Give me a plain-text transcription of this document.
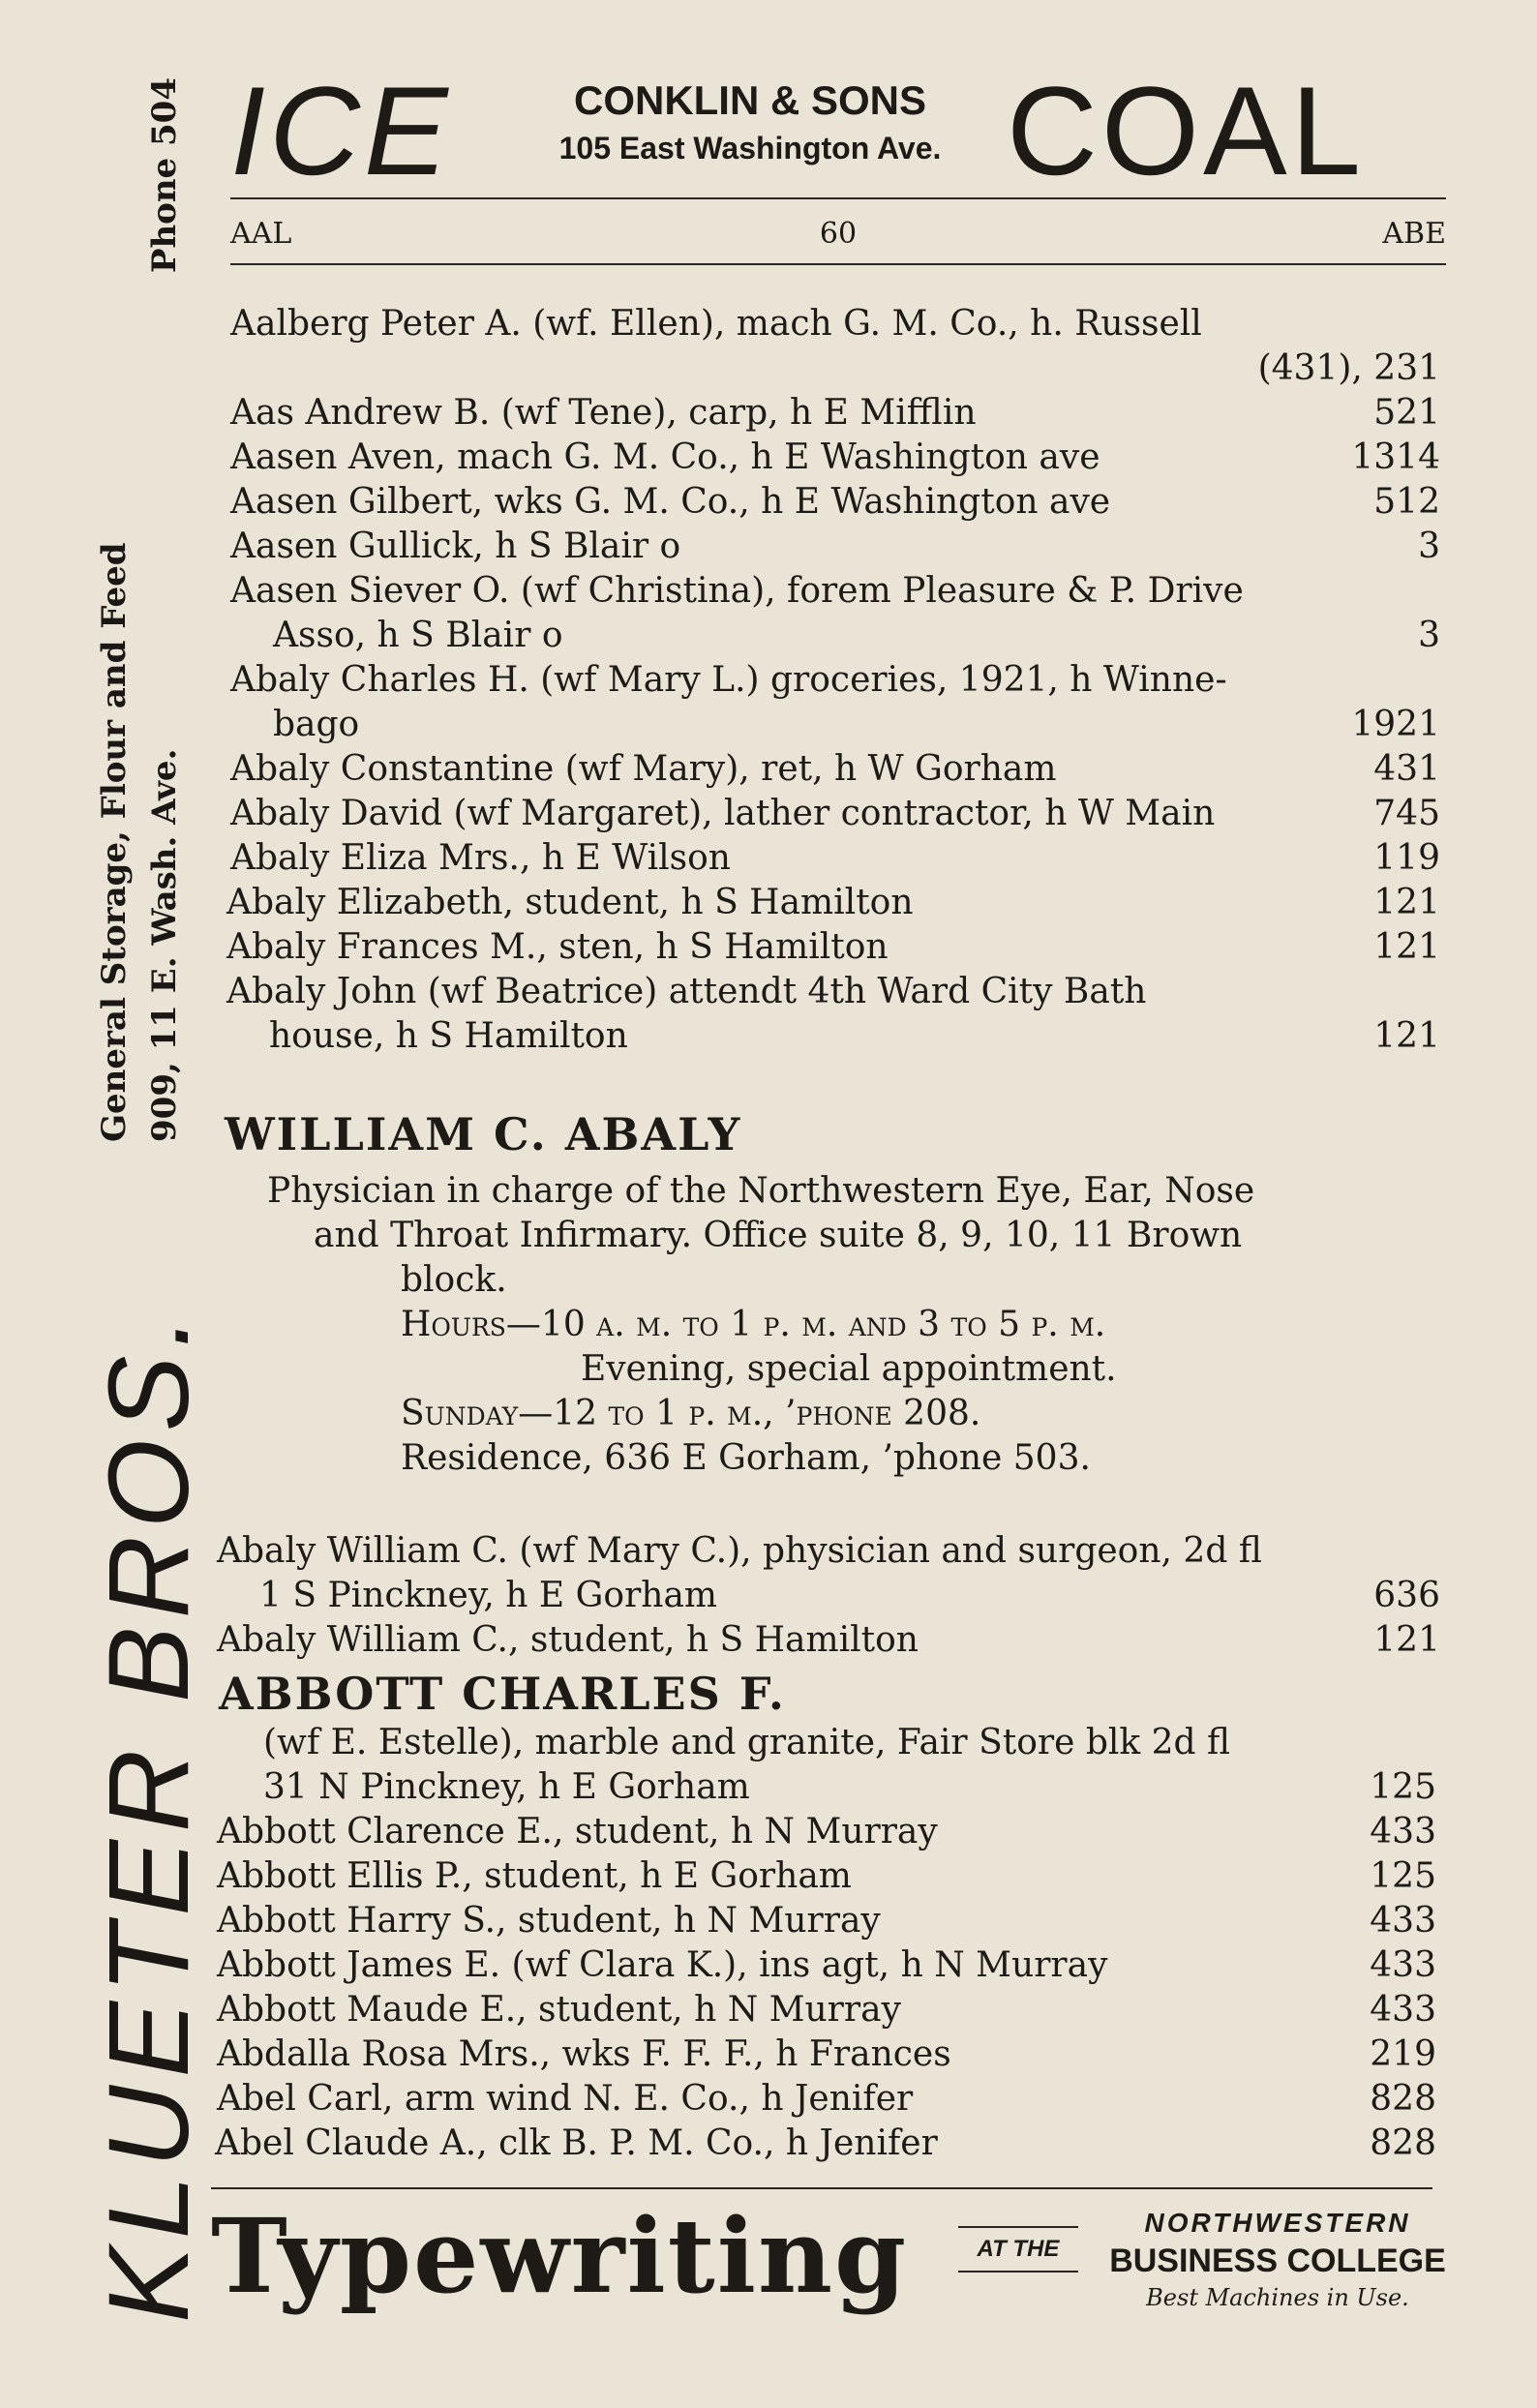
KLUETER BROS.
General Storage, Flour and Feed 909, 11 E. Wash. Ave.
Phone 504 ICE	CONKLIN & SONS
105 East Washington Ave. COAL
60
AAL	ABE
Aalberg Peter A. (wf. Ellen), mach G. M. Co., h. Russell
(431), 231
Aas Andrew B. (wf Tene), carp, h E Mifflin	521
Aasen Aven, mach G. M. Co., h E Washington ave	1314
Aasen Gilbert, wks G. M. Co., h E Washington ave	512
Aasen Gullick, h S Blair o	3
Aasen Siever O. (wf Christina), forem Pleasure & P. Drive
Asso, h S Blair o	3
Abaly Charles H. (wf Mary L.) groceries, 1921, h Winne-
bago	1921
Abaly Constantine (wf Mary), ret, h W Gorham	431
Abaly David (wf Margaret), lather contractor, h W Main	745
Abaly Eliza Mrs., h E Wilson	119
Abaly Elizabeth, student, h S Hamilton	121
Abaly Frances M., sten, h S Hamilton	121
Abaly John (wf Beatrice) attendt 4th Ward City Bath
house, h S Hamilton	121
WILLIAM C. ABALY
Physician in charge of the Northwestern Eye, Ear, Nose
and Throat Infirmary. Office suite 8, 9, 10, 11 Brown
block.
Hours—10 a. m. to 1 p. m. and 3 to 5 p. m.
Evening, special appointment.
Sunday—12 to 1 p. m., ’phone 208.
Residence, 636 E Gorham, ’phone 503.
Abaly William C. (wf Mary C.), physician and surgeon, 2d fl
1 S Pinckney, h E Gorham	636
Abaly William C., student, h S Hamilton	121
ABBOTT CHARLES F.
(wf E. Estelle), marble and granite, Fair Store blk 2d fl
31 N Pinckney, h E Gorham	125
Abbott Clarence E., student, h N Murray	433
Abbott Ellis P., student, h E Gorham	125
Abbott Harry S., student, h N Murray	433
Abbott James E. (wf Clara K.), ins agt, h N Murray	433
Abbott Maude E., student, h N Murray	433
Abdalla Rosa Mrs., wks F. F. F., h Frances	219
Abel Carl, arm wind N. E. Co., h Jenifer	828
Abel Claude A., clk B. P. M. Co., h Jenifer	828
Typewriting	AT THE
NORTHWESTERN
BUSINESS COLLEGE
Best Machines in Use.
